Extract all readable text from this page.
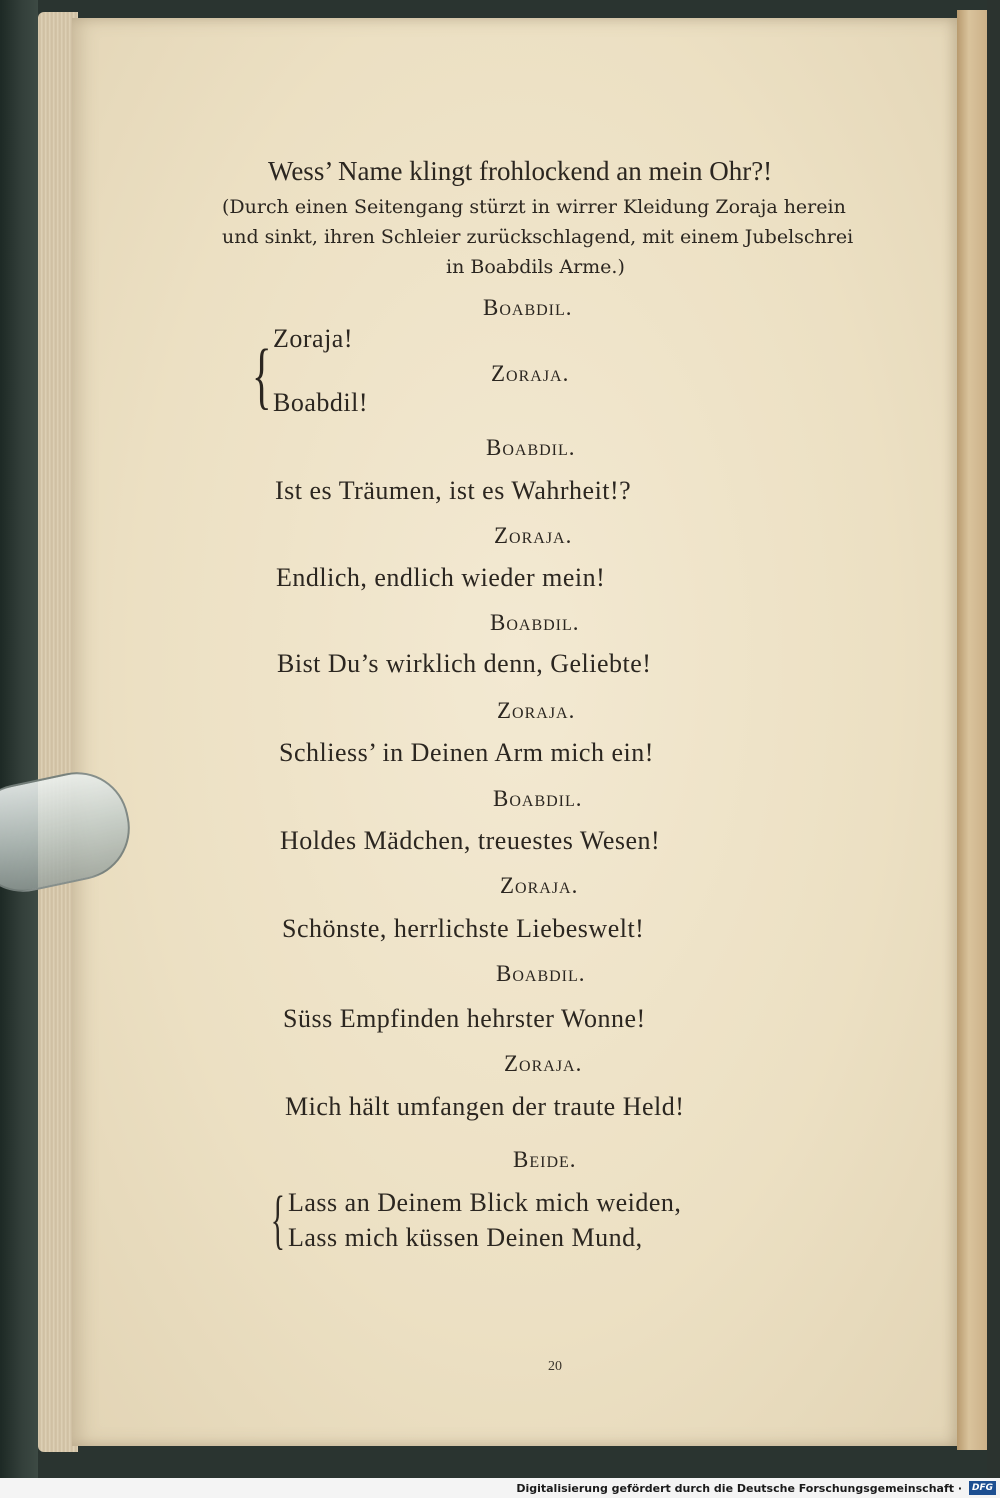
Wess’ Name klingt frohlockend an mein Ohr?!
(Durch einen Seitengang stürzt in wirrer Kleidung Zoraja herein
und sinkt, ihren Schleier zurückschlagend, mit einem Jubelschrei
in Boabdils Arme.)
Boabdil.
{ Zoraja!
Zoraja.
Boabdil!
Boabdil.
Ist es Träumen, ist es Wahrheit!?
Zoraja.
Endlich, endlich wieder mein!
Boabdil.
Bist Du’s wirklich denn, Geliebte!
Zoraja.
Schliess’ in Deinen Arm mich ein!
Boabdil.
Holdes Mädchen, treuestes Wesen!
Zoraja.
Schönste, herrlichste Liebeswelt!
Boabdil.
Süss Empfinden hehrster Wonne!
Zoraja.
Mich hält umfangen der traute Held!
Beide.
{ Lass an Deinem Blick mich weiden,
Lass mich küssen Deinen Mund,
20
Digitalisierung gefördert durch die Deutsche Forschungsgemeinschaft ·	DFG
